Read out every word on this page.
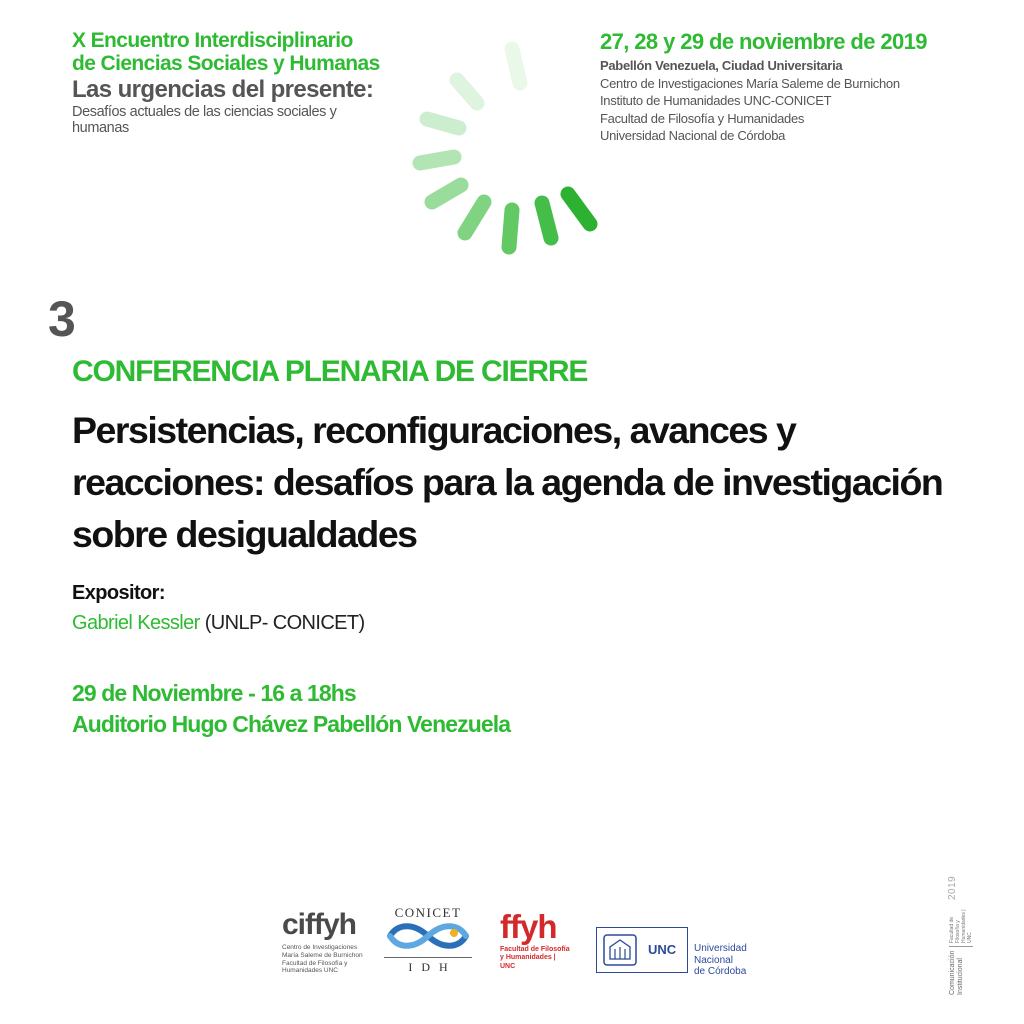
X Encuentro Interdisciplinario
de Ciencias Sociales y Humanas
Las urgencias del presente:
Desafíos actuales de las ciencias sociales y humanas
27, 28 y 29 de noviembre de 2019
Pabellón Venezuela, Ciudad Universitaria
Centro de Investigaciones María Saleme de Burnichon
Instituto de Humanidades UNC-CONICET
Facultad de Filosofía y Humanidades
Universidad Nacional de Córdoba
3
CONFERENCIA PLENARIA DE CIERRE
Persistencias, reconfiguraciones, avances y reacciones: desafíos para la agenda de investigación sobre desigualdades
Expositor:
Gabriel Kessler (UNLP- CONICET)
29 de Noviembre - 16 a 18hs
Auditorio Hugo Chávez Pabellón Venezuela
ciffyh
Centro de Investigaciones
María Saleme de Burnichon
Facultad de Filosofía y Humanidades UNC
CONICET
IDH
ffyh
Facultad de Filosofía
y Humanidades | UNC
UNC Universidad
Nacional
de Córdoba	Comunicación Institucional
Facultad de Filosofía y Humanidades | UNC
2019
